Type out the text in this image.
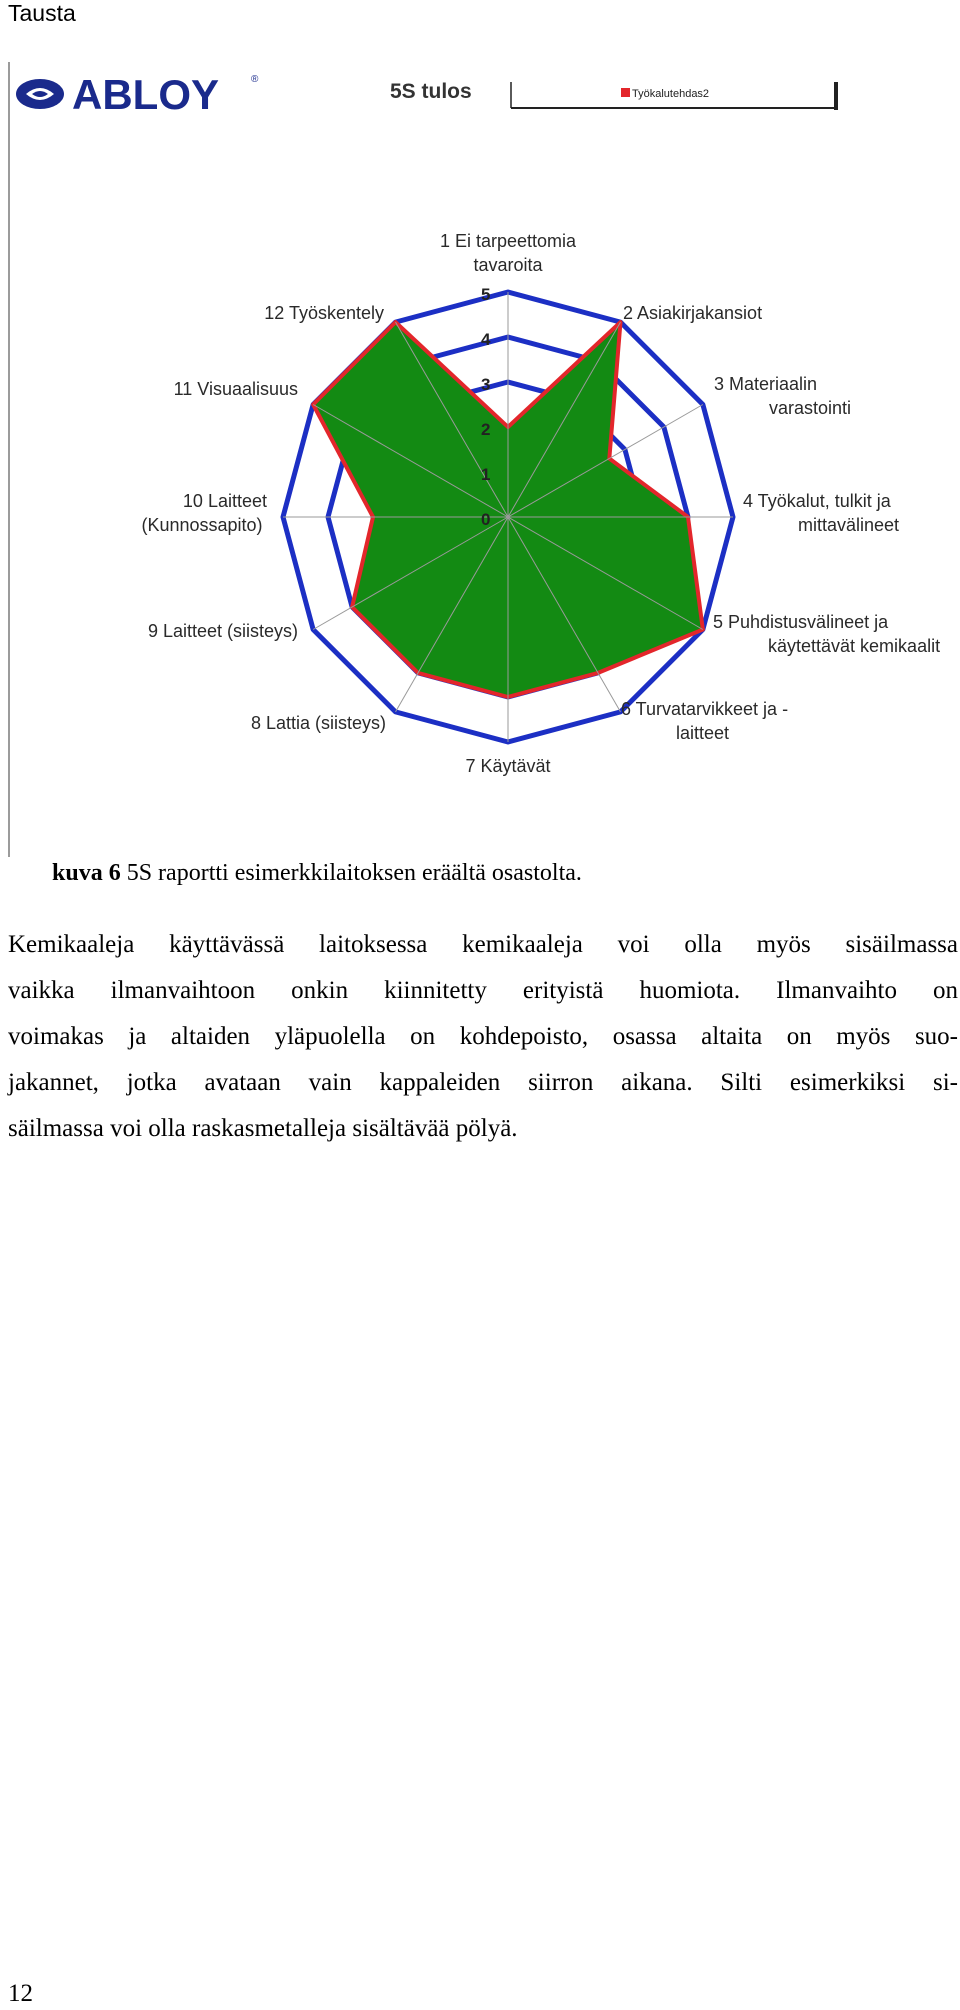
Tausta
ABLOY	®
5S tulos	Työkalutehdas2
0
1
2
3
4
5
1 Ei tarpeettomia tavaroita
2 Asiakirjakansiot
3 Materiaalin varastointi
4 Työkalut, tulkit ja mittavälineet
5 Puhdistusvälineet ja käytettävät kemikaalit
6 Turvatarvikkeet ja -laitteet
7 Käytävät
8 Lattia (siisteys)
9 Laitteet (siisteys)
10 Laitteet (Kunnossapito)
11 Visuaalisuus
12 Työskentely
kuva 6 5S raportti esimerkkilaitoksen eräältä osastolta.
Kemikaaleja käyttävässä laitoksessa kemikaaleja voi olla myös sisäilmassa
vaikka ilmanvaihtoon onkin kiinnitetty erityistä huomiota. Ilmanvaihto on
voimakas ja altaiden yläpuolella on kohdepoisto, osassa altaita on myös suo-
jakannet, jotka avataan vain kappaleiden siirron aikana. Silti esimerkiksi si-
säilmassa voi olla raskasmetalleja sisältävää pölyä.
12
